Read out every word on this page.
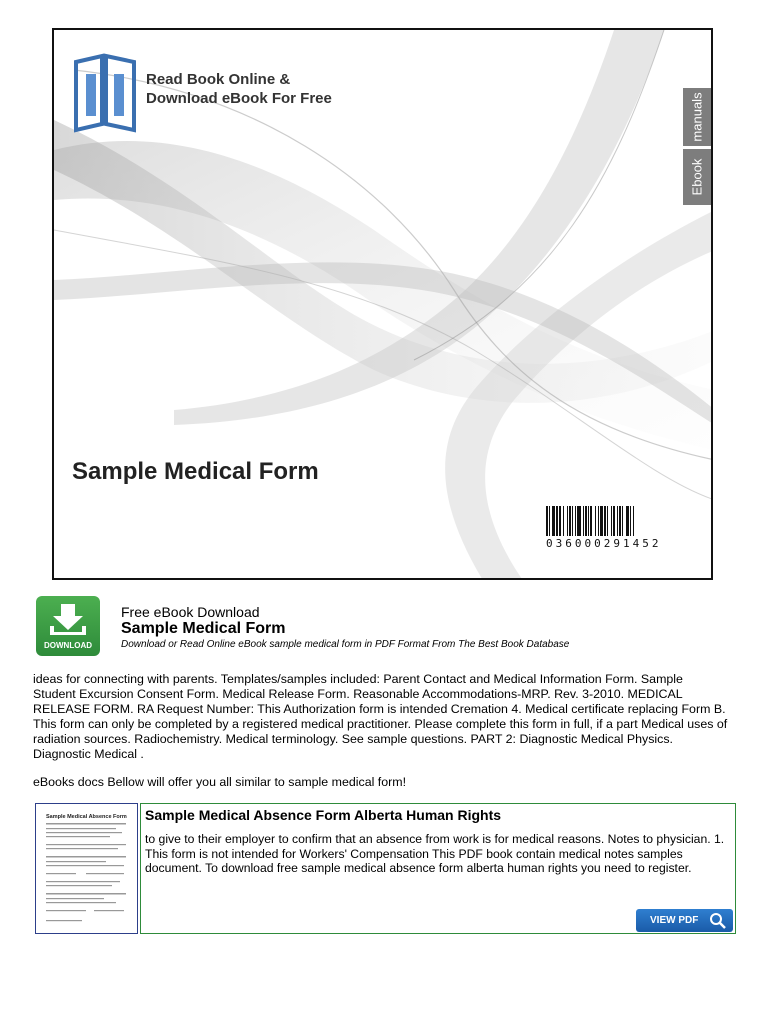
Read Book Online &
Download eBook For Free	manuals
Ebook
Sample Medical Form
036000291452
DOWNLOAD
Free eBook Download
Sample Medical Form
Download or Read Online eBook sample medical form in PDF Format From The Best Book Database
ideas for connecting with parents. Templates/samples included: Parent Contact and Medical Information Form. Sample Student Excursion Consent Form. Medical Release Form. Reasonable Accommodations-MRP. Rev. 3-2010. MEDICAL RELEASE FORM. RA Request Number: This Authorization form is intended Cremation 4. Medical certificate replacing Form B. This form can only be completed by a registered medical practitioner. Please complete this form in full, if a part Medical uses of radiation sources. Radiochemistry. Medical terminology. See sample questions. PART 2: Diagnostic Medical Physics. Diagnostic Medical .
eBooks docs Bellow will offer you all similar to sample medical form!
Sample Medical Absence Form Sample Medical Absence Form Alberta Human Rights
to give to their employer to confirm that an absence from work is for medical reasons. Notes to physician. 1. This form is not intended for Workers' Compensation This PDF book contain medical notes samples document. To download free sample medical absence form alberta human rights you need to register.
VIEW PDF
